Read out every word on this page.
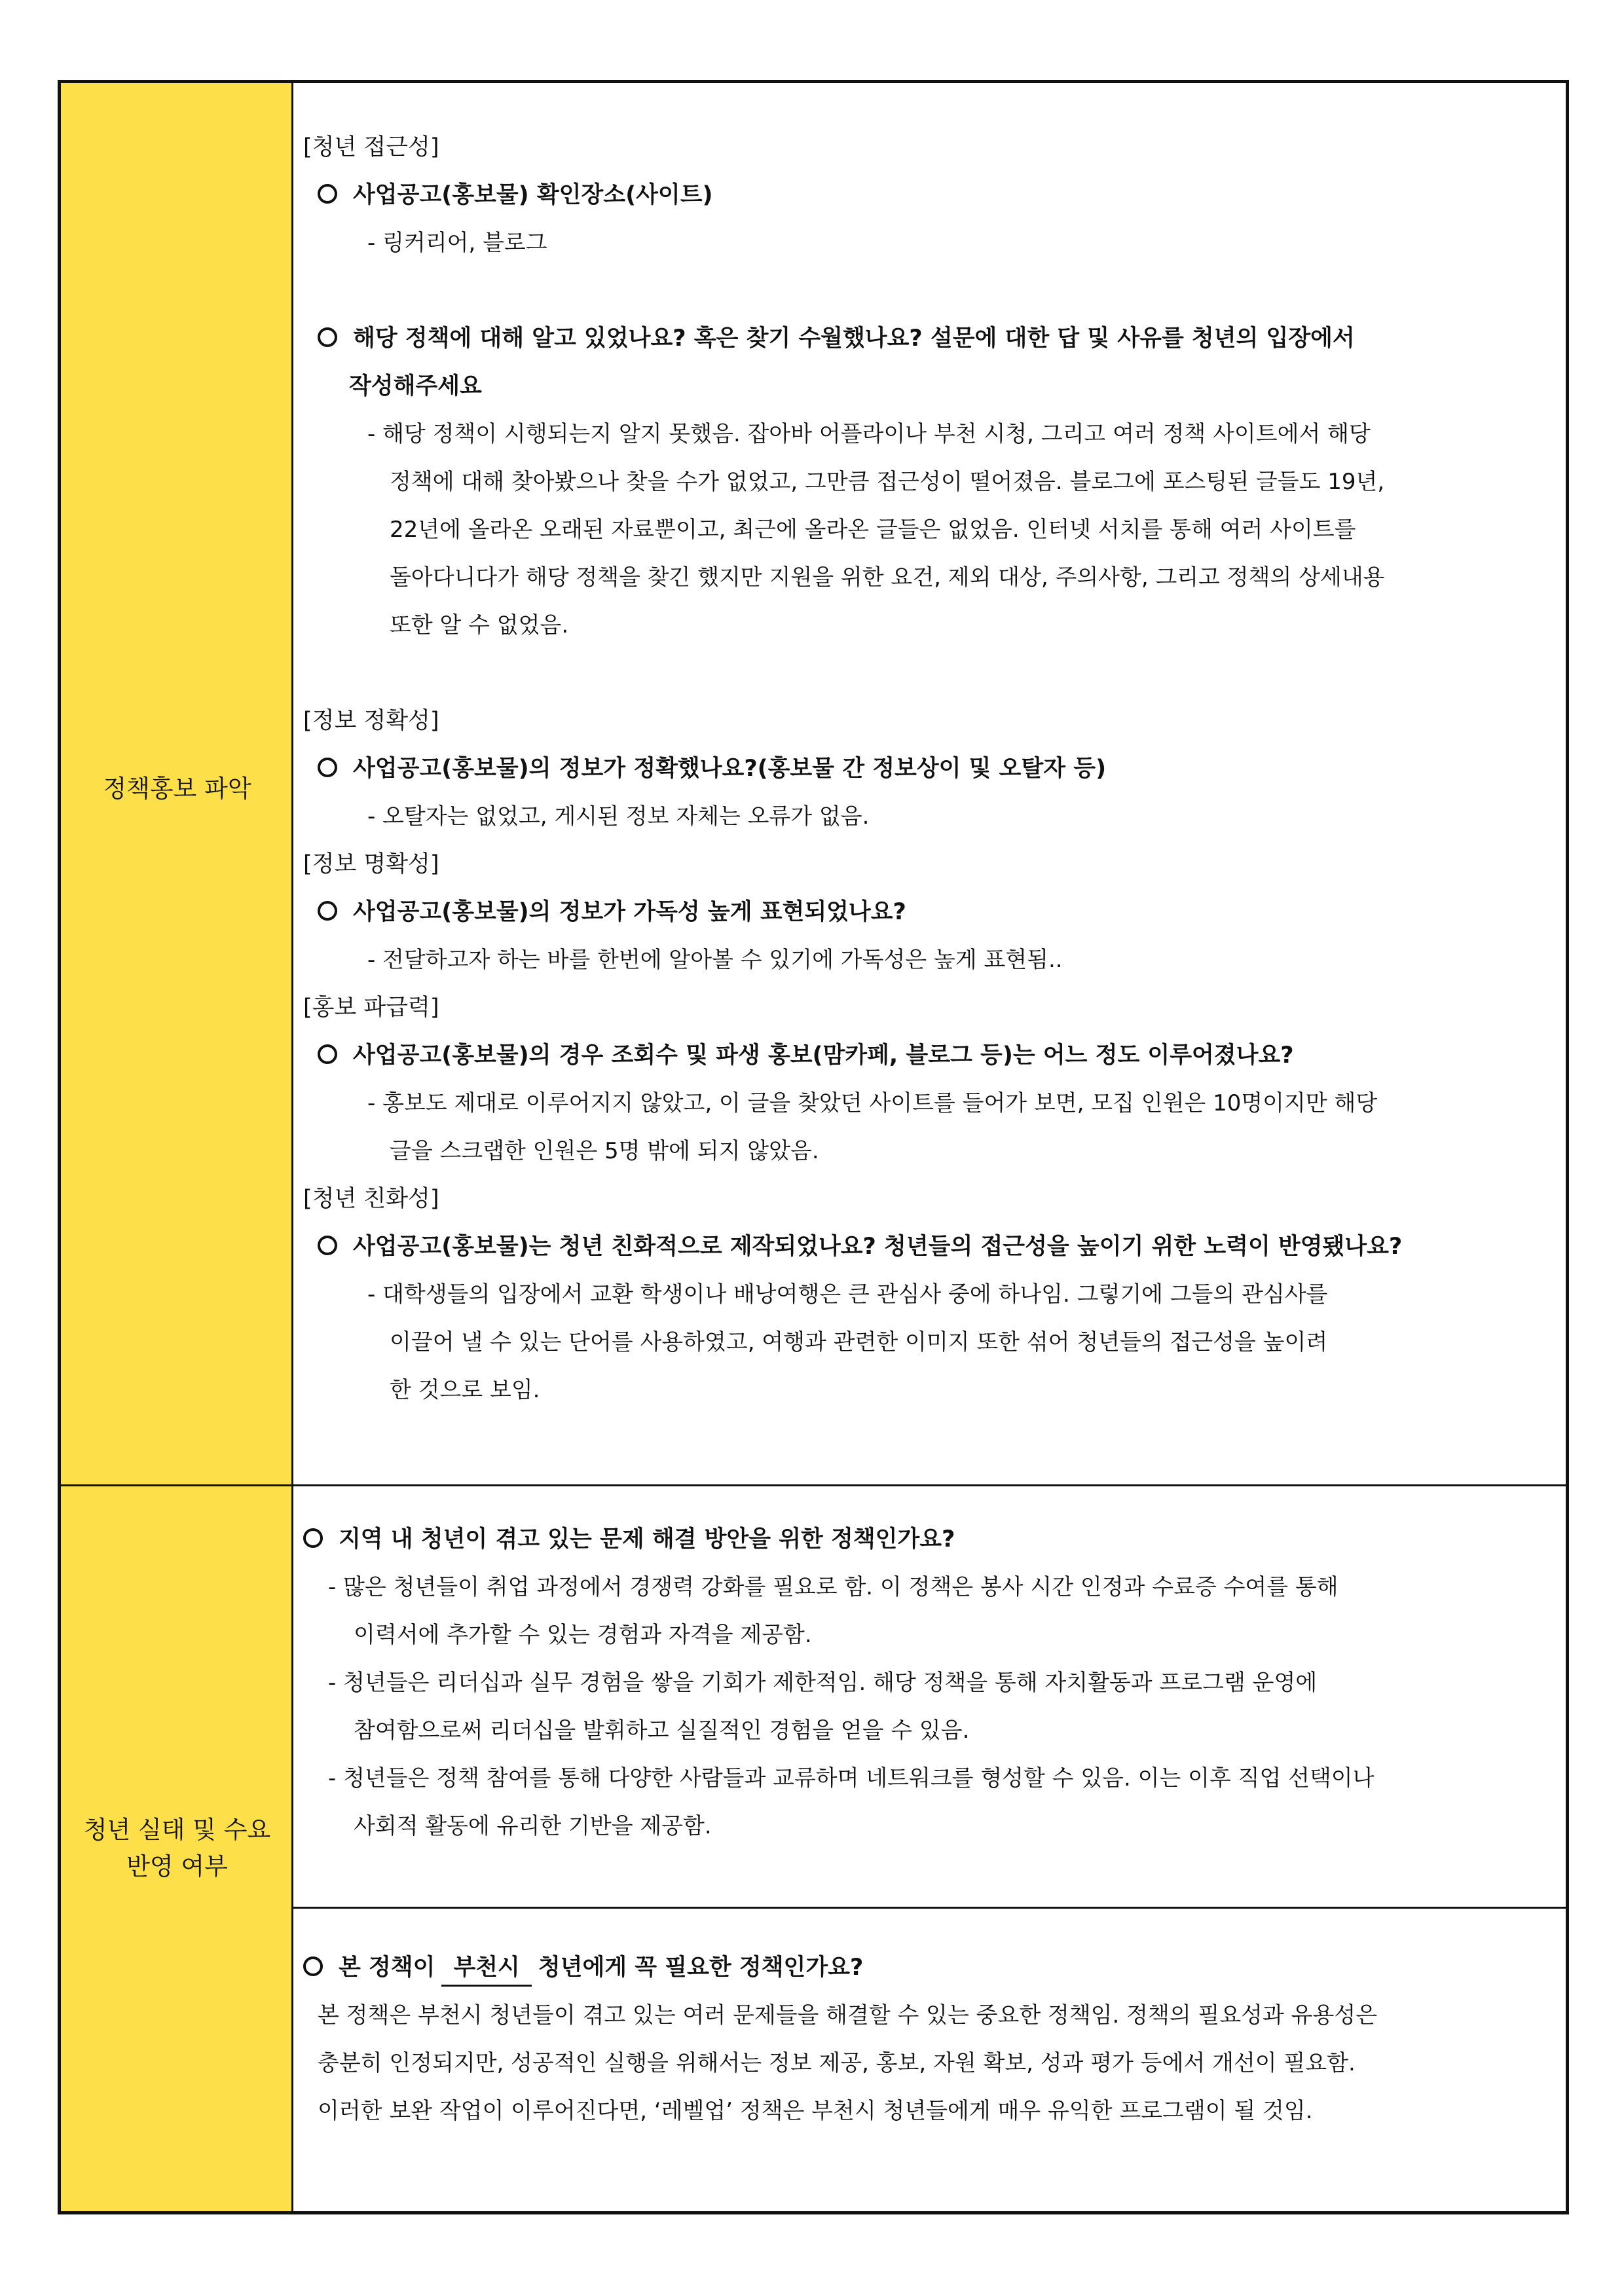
정책홍보 파악
청년 실태 및 수요
반영 여부
[청년 접근성]
사업공고(홍보물) 확인장소(사이트)
- 링커리어, 블로그
해당 정책에 대해 알고 있었나요? 혹은 찾기 수월했나요? 설문에 대한 답 및 사유를 청년의 입장에서
작성해주세요
- 해당 정책이 시행되는지 알지 못했음. 잡아바 어플라이나 부천 시청, 그리고 여러 정책 사이트에서 해당
정책에 대해 찾아봤으나 찾을 수가 없었고, 그만큼 접근성이 떨어졌음. 블로그에 포스팅된 글들도 19년,
22년에 올라온 오래된 자료뿐이고, 최근에 올라온 글들은 없었음. 인터넷 서치를 통해 여러 사이트를
돌아다니다가 해당 정책을 찾긴 했지만 지원을 위한 요건, 제외 대상, 주의사항, 그리고 정책의 상세내용
또한 알 수 없었음.
[정보 정확성]
사업공고(홍보물)의 정보가 정확했나요?(홍보물 간 정보상이 및 오탈자 등)
- 오탈자는 없었고, 게시된 정보 자체는 오류가 없음.
[정보 명확성]
사업공고(홍보물)의 정보가 가독성 높게 표현되었나요?
- 전달하고자 하는 바를 한번에 알아볼 수 있기에 가독성은 높게 표현됨..
[홍보 파급력]
사업공고(홍보물)의 경우 조회수 및 파생 홍보(맘카페, 블로그 등)는 어느 정도 이루어졌나요?
- 홍보도 제대로 이루어지지 않았고, 이 글을 찾았던 사이트를 들어가 보면, 모집 인원은 10명이지만 해당
글을 스크랩한 인원은 5명 밖에 되지 않았음.
[청년 친화성]
사업공고(홍보물)는 청년 친화적으로 제작되었나요? 청년들의 접근성을 높이기 위한 노력이 반영됐나요?
- 대학생들의 입장에서 교환 학생이나 배낭여행은 큰 관심사 중에 하나임. 그렇기에 그들의 관심사를
이끌어 낼 수 있는 단어를 사용하였고, 여행과 관련한 이미지 또한 섞어 청년들의 접근성을 높이려
한 것으로 보임.
지역 내 청년이 겪고 있는 문제 해결 방안을 위한 정책인가요?
- 많은 청년들이 취업 과정에서 경쟁력 강화를 필요로 함. 이 정책은 봉사 시간 인정과 수료증 수여를 통해
이력서에 추가할 수 있는 경험과 자격을 제공함.
- 청년들은 리더십과 실무 경험을 쌓을 기회가 제한적임. 해당 정책을 통해 자치활동과 프로그램 운영에
참여함으로써 리더십을 발휘하고 실질적인 경험을 얻을 수 있음.
- 청년들은 정책 참여를 통해 다양한 사람들과 교류하며 네트워크를 형성할 수 있음. 이는 이후 직업 선택이나
사회적 활동에 유리한 기반을 제공함.
본 정책이 부천시 청년에게 꼭 필요한 정책인가요?
본 정책은 부천시 청년들이 겪고 있는 여러 문제들을 해결할 수 있는 중요한 정책임. 정책의 필요성과 유용성은
충분히 인정되지만, 성공적인 실행을 위해서는 정보 제공, 홍보, 자원 확보, 성과 평가 등에서 개선이 필요함.
이러한 보완 작업이 이루어진다면, ‘레벨업’ 정책은 부천시 청년들에게 매우 유익한 프로그램이 될 것임.
